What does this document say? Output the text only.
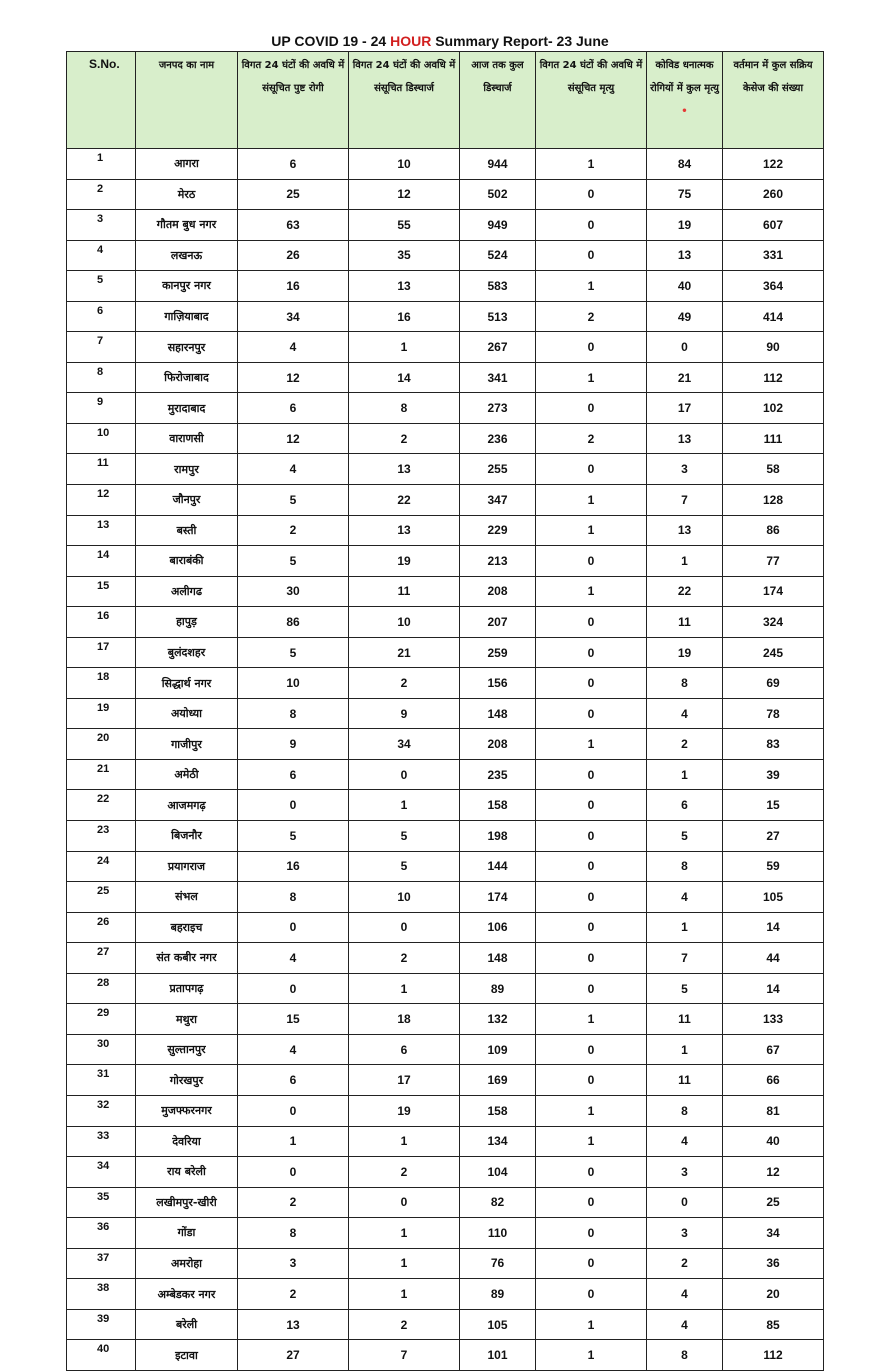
UP COVID 19 - 24 HOUR Summary Report- 23 June
S.No.	जनपद का नाम	विगत 24 घंटों की अवधि में संसूचित पुष्ट रोगी	विगत 24 घंटों की अवधि में संसूचित डिस्चार्ज	आज तक कुल डिस्चार्ज	विगत 24 घंटों की अवधि में संसूचित मृत्यु	कोविड धनात्मक रोगियों में कुल मृत्यु •	वर्तमान में कुल सक्रिय केसेज की संख्या
1	आगरा	6	10	944	1	84	122
2	मेरठ	25	12	502	0	75	260
3	गौतम बुध नगर	63	55	949	0	19	607
4	लखनऊ	26	35	524	0	13	331
5	कानपुर नगर	16	13	583	1	40	364
6	गाज़ियाबाद	34	16	513	2	49	414
7	सहारनपुर	4	1	267	0	0	90
8	फिरोजाबाद	12	14	341	1	21	112
9	मुरादाबाद	6	8	273	0	17	102
10	वाराणसी	12	2	236	2	13	111
11	रामपुर	4	13	255	0	3	58
12	जौनपुर	5	22	347	1	7	128
13	बस्ती	2	13	229	1	13	86
14	बाराबंकी	5	19	213	0	1	77
15	अलीगढ	30	11	208	1	22	174
16	हापुड़	86	10	207	0	11	324
17	बुलंदशहर	5	21	259	0	19	245
18	सिद्धार्थ नगर	10	2	156	0	8	69
19	अयोध्या	8	9	148	0	4	78
20	गाजीपुर	9	34	208	1	2	83
21	अमेठी	6	0	235	0	1	39
22	आजमगढ़	0	1	158	0	6	15
23	बिजनौर	5	5	198	0	5	27
24	प्रयागराज	16	5	144	0	8	59
25	संभल	8	10	174	0	4	105
26	बहराइच	0	0	106	0	1	14
27	संत कबीर नगर	4	2	148	0	7	44
28	प्रतापगढ़	0	1	89	0	5	14
29	मथुरा	15	18	132	1	11	133
30	सुल्तानपुर	4	6	109	0	1	67
31	गोरखपुर	6	17	169	0	11	66
32	मुजफ्फरनगर	0	19	158	1	8	81
33	देवरिया	1	1	134	1	4	40
34	राय बरेली	0	2	104	0	3	12
35	लखीमपुर-खीरी	2	0	82	0	0	25
36	गोंडा	8	1	110	0	3	34
37	अमरोहा	3	1	76	0	2	36
38	अम्बेडकर नगर	2	1	89	0	4	20
39	बरेली	13	2	105	1	4	85
40	इटावा	27	7	101	1	8	112
